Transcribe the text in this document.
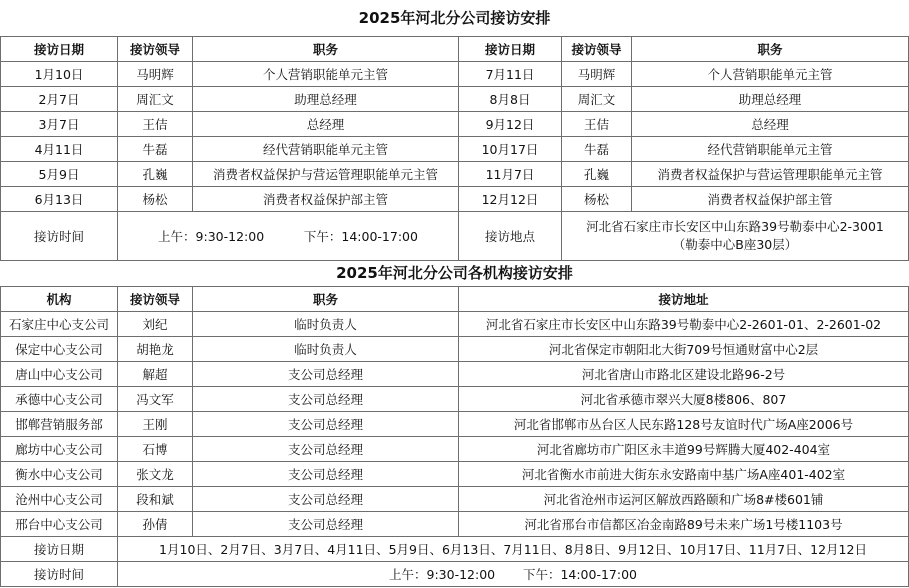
2025年河北分公司接访安排					
接访日期	接访领导	职务	接访日期	接访领导	职务
1月10日	马明辉	个人营销职能单元主管	7月11日	马明辉	个人营销职能单元主管
2月7日	周汇文	助理总经理	8月8日	周汇文	助理总经理
3月7日	王佶	总经理	9月12日	王佶	总经理
4月11日	牛磊	经代营销职能单元主管	10月17日	牛磊	经代营销职能单元主管
5月9日	孔巍	消费者权益保护与营运管理职能单元主管	11月7日	孔巍	消费者权益保护与营运管理职能单元主管
6月13日	杨松	消费者权益保护部主管	12月12日	杨松	消费者权益保护部主管
接访时间	上午：9:30-12:00 下午：14:00-17:00		接访地点	河北省石家庄市长安区中山东路39号勒泰中心2-3001
（勒泰中心B座30层）	
2025年河北分公司各机构接访安排			
机构	接访领导	职务	接访地址
石家庄中心支公司	刘纪	临时负责人	河北省石家庄市长安区中山东路39号勒泰中心2-2601-01、2-2601-02
保定中心支公司	胡艳龙	临时负责人	河北省保定市朝阳北大街709号恒通财富中心2层
唐山中心支公司	解超	支公司总经理	河北省唐山市路北区建设北路96-2号
承德中心支公司	冯文军	支公司总经理	河北省承德市翠兴大厦8楼806、807
邯郸营销服务部	王刚	支公司总经理	河北省邯郸市丛台区人民东路128号友谊时代广场A座2006号
廊坊中心支公司	石博	支公司总经理	河北省廊坊市广阳区永丰道99号辉腾大厦402-404室
衡水中心支公司	张文龙	支公司总经理	河北省衡水市前进大街东永安路南中基广场A座401-402室
沧州中心支公司	段和斌	支公司总经理	河北省沧州市运河区解放西路颐和广场8#楼601铺
邢台中心支公司	孙倩	支公司总经理	河北省邢台市信都区冶金南路89号未来广场1号楼1103号
接访日期	1月10日、2月7日、3月7日、4月11日、5月9日、6月13日、7月11日、8月8日、9月12日、10月17日、11月7日、12月12日		
接访时间	上午：9:30-12:00 下午：14:00-17:00		
